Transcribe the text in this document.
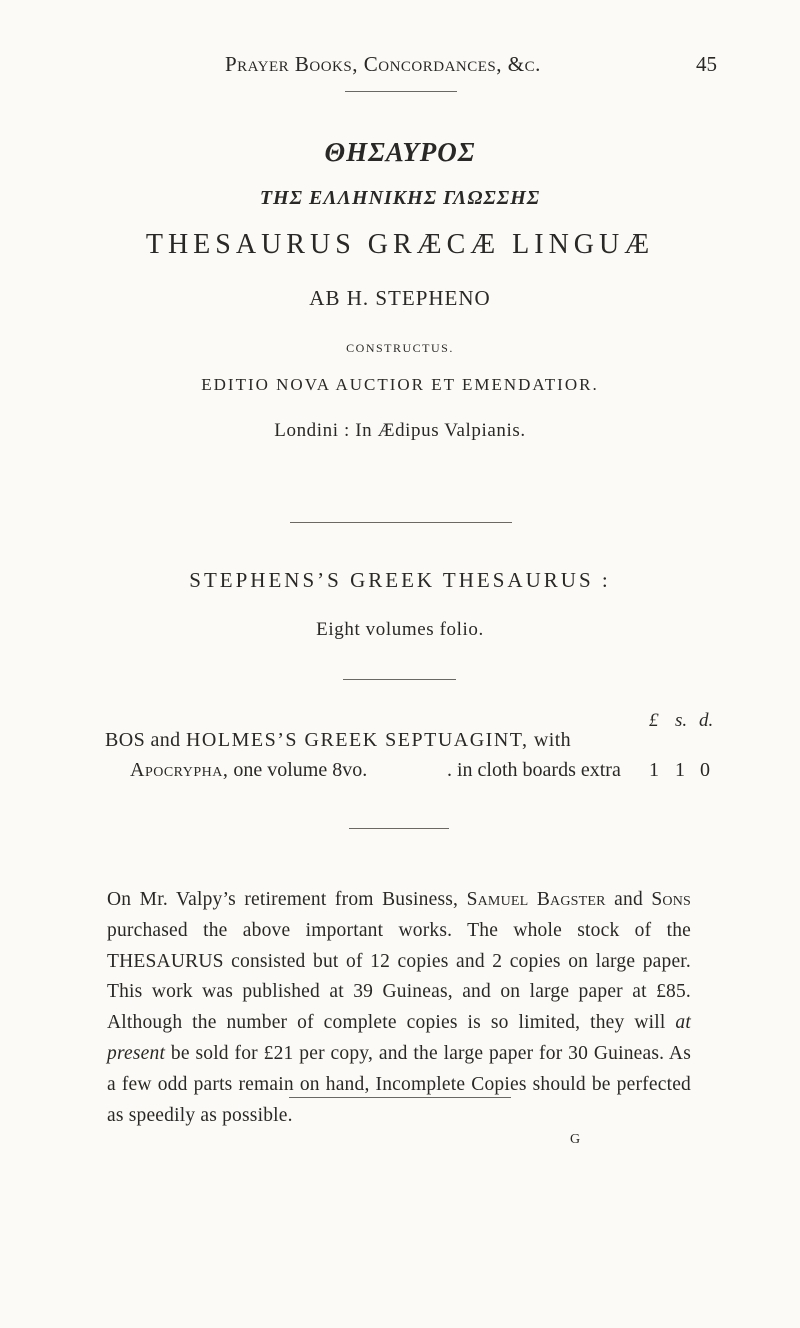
Prayer Books, Concordances, &c.	45
ΘΗΣΑΥΡΟΣ
ΤΗΣ ΕΛΛΗΝΙΚΗΣ ΓΛΩΣΣΗΣ
THESAURUS GRÆCÆ LINGUÆ
AB H. STEPHENO
CONSTRUCTUS.
EDITIO NOVA AUCTIOR ET EMENDATIOR.
Londini : In Ædipus Valpianis.
STEPHENS’S GREEK THESAURUS :
Eight volumes folio.
£ s. d.
BOS and HOLMES’S GREEK SEPTUAGINT, with
Apocrypha, one volume 8vo.	. in cloth boards extra 1 1 0
On Mr. Valpy’s retirement from Business, Samuel Bagster and Sons purchased the above important works. The whole stock of the THESAURUS consisted but of 12 copies and 2 copies on large paper. This work was published at 39 Guineas, and on large paper at £85. Although the number of complete copies is so limited, they will at present be sold for £21 per copy, and the large paper for 30 Guineas. As a few odd parts remain on hand, Incomplete Copies should be perfected as speedily as possible.
G
